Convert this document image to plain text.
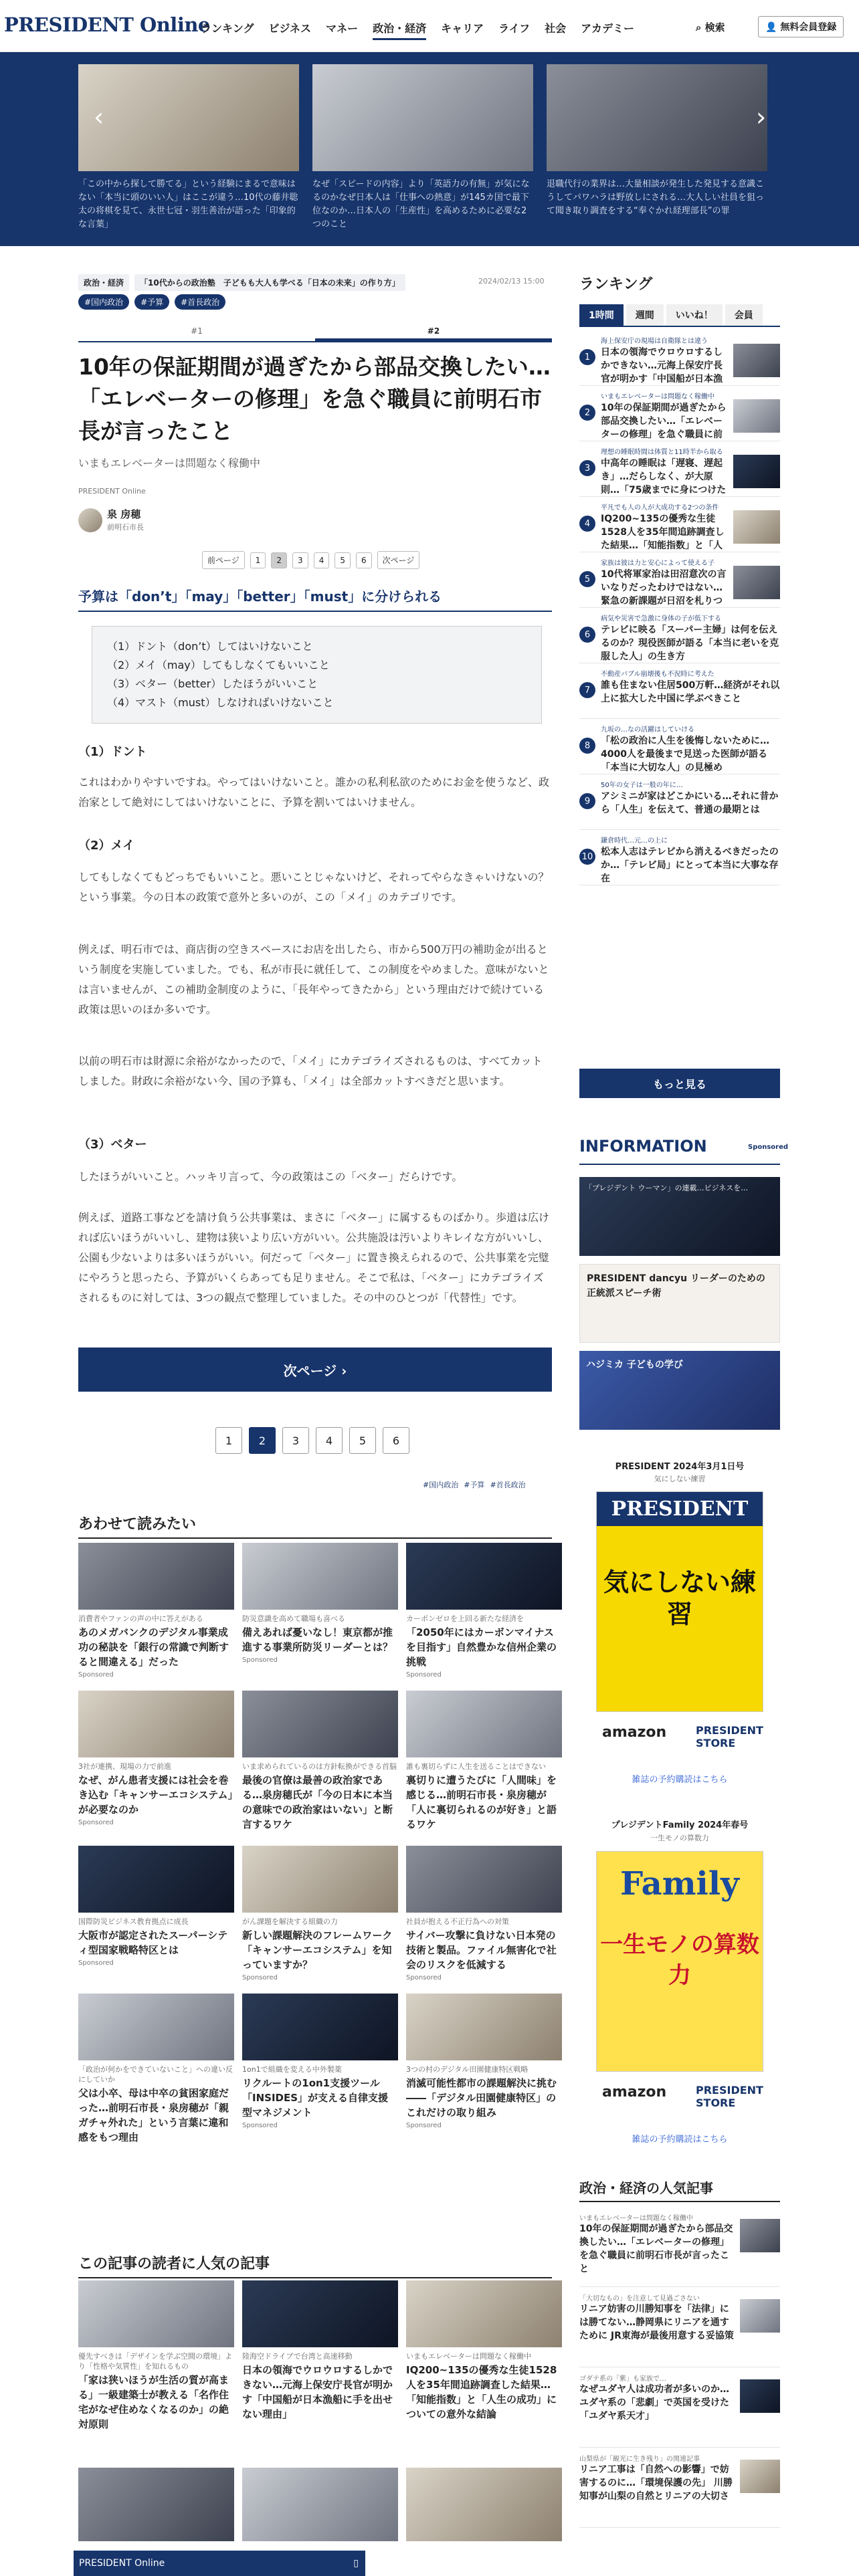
PRESIDENT Online
ランキング ビジネス マネー 政治・経済 キャリア ライフ 社会 アカデミー	⌕ 検索	👤 無料会員登録
「この中から探して勝てる」という経験にまるで意味はない「本当に頭のいい人」はここが違う…10代の藤井聡太の将棋を見て、永世七冠・羽生善治が語った「印象的な言葉」
なぜ「スピードの内容」より「英語力の有無」が気になるのかなぜ日本人は「仕事への熱意」が145カ国で最下位なのか…日本人の「生産性」を高めるために必要な2つのこと
退職代行の業界は…大量相談が発生した発見する意識こうしてパワハラは野放しにされる…大人しい社員を狙って聞き取り調査をする“奉ぐかれ経理部長”の罪
›
‹
政治・経済	「10代からの政治塾　子どもも大人も学べる「日本の未来」の作り方」	2024/02/13 15:00
#国内政治	#予算	#首長政治
#1	#2
10年の保証期間が過ぎたから部品交換したい…「エレベーターの修理」を急ぐ職員に前明石市長が言ったこと
いまもエレベーターは問題なく稼働中
PRESIDENT Online
泉 房穂
前明石市長
前ページ	1	2	3	4	5	6	次ページ
予算は「don’t」「may」「better」「must」に分けられる
（1）ドント（don’t）してはいけないこと
（2）メイ（may）してもしなくてもいいこと
（3）ベター（better）したほうがいいこと
（4）マスト（must）しなければいけないこと
（1）ドント
これはわかりやすいですね。やってはいけないこと。誰かの私利私欲のためにお金を使うなど、政治家として絶対にしてはいけないことに、予算を割いてはいけません。
（2）メイ
してもしなくてもどっちでもいいこと。悪いことじゃないけど、それってやらなきゃいけないの？　という事業。今の日本の政策で意外と多いのが、この「メイ」のカテゴリです。
例えば、明石市では、商店街の空きスペースにお店を出したら、市から500万円の補助金が出るという制度を実施していました。でも、私が市長に就任して、この制度をやめました。意味がないとは言いませんが、この補助金制度のように、「長年やってきたから」という理由だけで続けている政策は思いのほか多いです。
以前の明石市は財源に余裕がなかったので、「メイ」にカテゴライズされるものは、すべてカットしました。財政に余裕がない今、国の予算も、「メイ」は全部カットすべきだと思います。
（3）ベター
したほうがいいこと。ハッキリ言って、今の政策はこの「ベター」だらけです。
例えば、道路工事などを請け負う公共事業は、まさに「ベター」に属するものばかり。歩道は広ければ広いほうがいいし、建物は狭いより広い方がいい。公共施設は汚いよりキレイな方がいいし、公園も少ないよりは多いほうがいい。何だって「ベター」に置き換えられるので、公共事業を完璧にやろうと思ったら、予算がいくらあっても足りません。そこで私は、「ベター」にカテゴライズされるものに対しては、3つの観点で整理していました。その中のひとつが「代替性」です。
次ページ ›
1	2	3	4	5	6
#国内政治 #予算 #首長政治
あわせて読みたい
消費者やファンの声の中に答えがある
あのメガバンクのデジタル事業成功の秘訣を「銀行の常識で判断すると間違える」だった
Sponsored
防災意識を高めて職場も喜べる
備えあれば憂いなし！東京都が推進する事業所防災リーダーとは？
Sponsored
カーボンゼロを上回る新たな経済を
「2050年にはカーボンマイナスを目指す」自然豊かな信州企業の挑戦
Sponsored
3社が連携、現場の力で前進
なぜ、がん患者支援には社会を巻き込む「キャンサーエコシステム」が必要なのか
Sponsored
いま求められているのは方針転換ができる首脳
最後の官僚は最善の政治家である…泉房穂氏が「今の日本に本当の意味での政治家はいない」と断言するワケ
誰も裏切らずに人生を送ることはできない
裏切りに遭うたびに「人間味」を感じる…前明石市長・泉房穂が「人に裏切られるのが好き」と語るワケ
国際防災ビジネス教育拠点に成長
大阪市が認定されたスーパーシティ型国家戦略特区とは
Sponsored
がん課題を解決する組織の力
新しい課題解決のフレームワーク「キャンサーエコシステム」を知っていますか？
Sponsored
社員が抱える不正行為への対策
サイバー攻撃に負けない日本発の技術と製品。ファイル無害化で社会のリスクを低減する
Sponsored
「政治が何かをできていないこと」への違い反にしていか
父は小卒、母は中卒の貧困家庭だった…前明石市長・泉房穂が「親ガチャ外れた」という言葉に違和感をもつ理由
1on1で組織を変える中外製薬
リクルートの1on1支援ツール「INSIDES」が支える自律支援型マネジメント
Sponsored
3つの村のデジタル田園健康特区戦略
消滅可能性都市の課題解決に挑む――「デジタル田園健康特区」のこれだけの取り組み
Sponsored
この記事の読者に人気の記事
優先すべきは「デザインを学ぶ空間の環境」より「性格や気質性」を知れるもの
「家は狭いほうが生活の質が高まる」一級建築士が教える「名作住宅がなぜ住めなくなるのか」の絶対原則
陸海空ドライブで台湾と高速移動
日本の領海でウロウロするしかできない…元海上保安庁長官が明かす「中国船が日本漁船に手を出せない理由」
いまもエレベーターは問題なく稼働中
IQ200~135の優秀な生徒1528人を35年間追跡調査した結果…「知能指数」と「人生の成功」についての意外な結論
ランキング
1時間	週間	いいね！	会員
1
海上保安庁の現場は自衛隊とは違う
日本の領海でウロウロするしかできない…元海上保安庁長官が明かす「中国船が日本漁
2
いまもエレベーターは問題なく稼働中
10年の保証期間が過ぎたから部品交換したい…「エレベーターの修理」を急ぐ職員に前
3
理想の睡眠時間は体質と11時半から取る
中高年の睡眠は「遅寝、遅起き」…だらしなく、が大原則…「75歳までに身につけた
4
平凡でも人の人が大成功する2つの条件
IQ200~135の優秀な生徒1528人を35年間追跡調査した結果…「知能指数」と「人
5
家族は彼は力と安心によって使える子
10代将軍家治は田沼意次の言いなりだったわけではない…緊急の新課題が日沼を札りつ
6
病気や災害で急激に身体の子が低下する
テレビに映る「スーパー主婦」は何を伝えるのか？現役医師が語る「本当に老いを克服した人」の生き方
7
不動産バブル崩壊後も不況時に考えた
誰も住まない住居500万軒…経済がそれ以上に拡大した中国に学ぶべきこと
8
九坂の…なの活躍はしていける
「松の政治に人生を後悔しないために…4000人を最後まで見送った医師が語る「本当に大切な人」の見極め
9
50年の女子は一般の年に…
アシミニが家はどこかにいる…それに昔から「人生」を伝えて、普通の最期とは
10
鎌倉時代…元…の上に
松本人志はテレビから消えるべきだったのか…「テレビ局」にとって本当に大事な存在
もっと見る
INFORMATION	Sponsored
「プレジデント ウーマン」の連載…ビジネスを…
PRESIDENT dancyu リーダーのための正統派スピーチ術
ハジミカ 子どもの学び
PRESIDENT 2024年3月1日号
気にしない練習
PRESIDENT
気にしない練習
amazon	PRESIDENT
STORE
雑誌の予約購読はこちら
プレジデントFamily 2024年春号
一生モノの算数力
Family
一生モノの算数力
amazon	PRESIDENT
STORE
雑誌の予約購読はこちら
政治・経済の人気記事
いまもエレベーターは問題なく稼働中
10年の保証期間が過ぎたから部品交換したい…「エレベーターの修理」を急ぐ職員に前明石市長が言ったこと
「大切なもの」を注意して見過ごさない
リニア妨害の川勝知事を「法律」には勝てない…静岡県にリニアを通すために JR東海が最後用意する妥協策
ゴダテ系の「紫」も家族で…
なぜユダヤ人は成功者が多いのか…ユダヤ系の「悲劇」で英国を受けた「ユダヤ系天才」
山梨県が「観光に生き残り」の関連記事
リニア工事は「自然への影響」で妨害するのに…「環境保護の先」 川勝知事が山梨の自然とリニアの大切さ
PRESIDENT Online	▯
